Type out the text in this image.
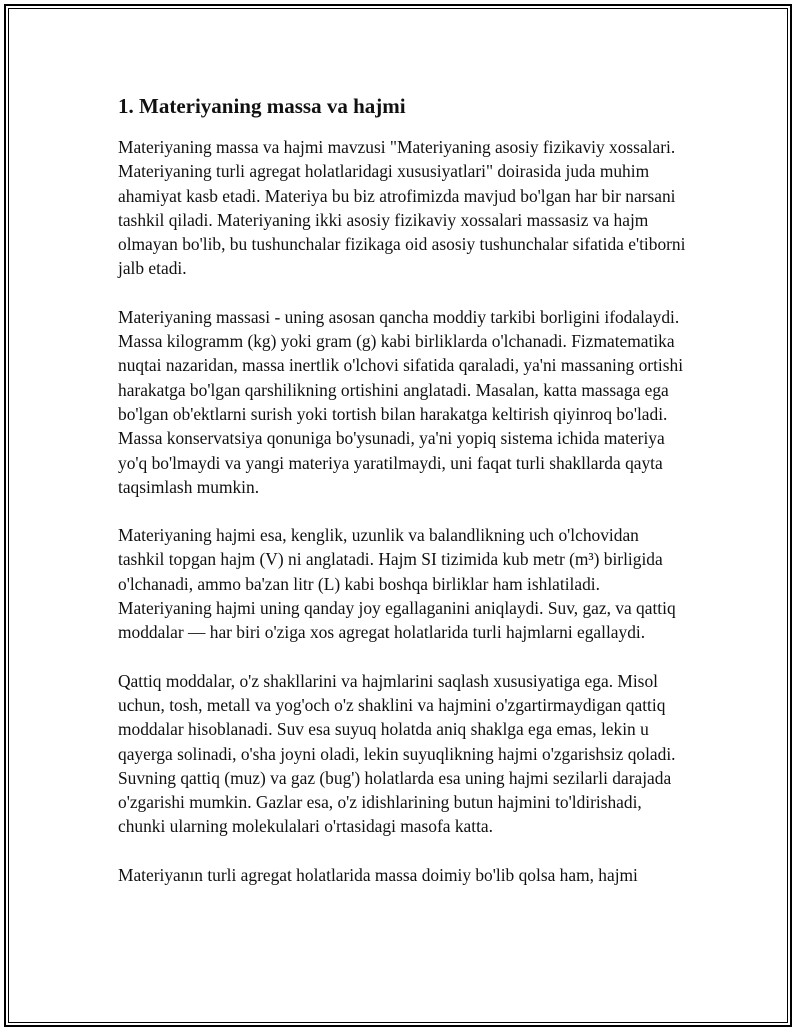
1. Materiyaning massa va hajmi

Materiyaning massa va hajmi mavzusi "Materiyaning asosiy fizikaviy xossalari. Materiyaning turli agregat holatlaridagi xususiyatlari" doirasida juda muhim ahamiyat kasb etadi. Materiya bu biz atrofimizda mavjud bo'lgan har bir narsani tashkil qiladi. Materiyaning ikki asosiy fizikaviy xossalari massasiz va hajm olmayan bo'lib, bu tushunchalar fizikaga oid asosiy tushunchalar sifatida e'tiborni jalb etadi.

Materiyaning massasi - uning asosan qancha moddiy tarkibi borligini ifodalaydi. Massa kilogramm (kg) yoki gram (g) kabi birliklarda o'lchanadi. Fizmatematika nuqtai nazaridan, massa inertlik o'lchovi sifatida qaraladi, ya'ni massaning ortishi harakatga bo'lgan qarshilikning ortishini anglatadi. Masalan, katta massaga ega bo'lgan ob'ektlarni surish yoki tortish bilan harakatga keltirish qiyinroq bo'ladi. Massa konservatsiya qonuniga bo'ysunadi, ya'ni yopiq sistema ichida materiya yo'q bo'lmaydi va yangi materiya yaratilmaydi, uni faqat turli shakllarda qayta taqsimlash mumkin.

Materiyaning hajmi esa, kenglik, uzunlik va balandlikning uch o'lchovidan tashkil topgan hajm (V) ni anglatadi. Hajm SI tizimida kub metr (m³) birligida o'lchanadi, ammo ba'zan litr (L) kabi boshqa birliklar ham ishlatiladi. Materiyaning hajmi uning qanday joy egallaganini aniqlaydi. Suv, gaz, va qattiq moddalar — har biri o'ziga xos agregat holatlarida turli hajmlarni egallaydi.

Qattiq moddalar, o'z shakllarini va hajmlarini saqlash xususiyatiga ega. Misol uchun, tosh, metall va yog'och o'z shaklini va hajmini o'zgartirmaydigan qattiq moddalar hisoblanadi. Suv esa suyuq holatda aniq shaklga ega emas, lekin u qayerga solinadi, o'sha joyni oladi, lekin suyuqlikning hajmi o'zgarishsiz qoladi. Suvning qattiq (muz) va gaz (bug') holatlarda esa uning hajmi sezilarli darajada o'zgarishi mumkin. Gazlar esa, o'z idishlarining butun hajmini to'ldirishadi, chunki ularning molekulalari o'rtasidagi masofa katta.

Materiyanın turli agregat holatlarida massa doimiy bo'lib qolsa ham, hajmi
